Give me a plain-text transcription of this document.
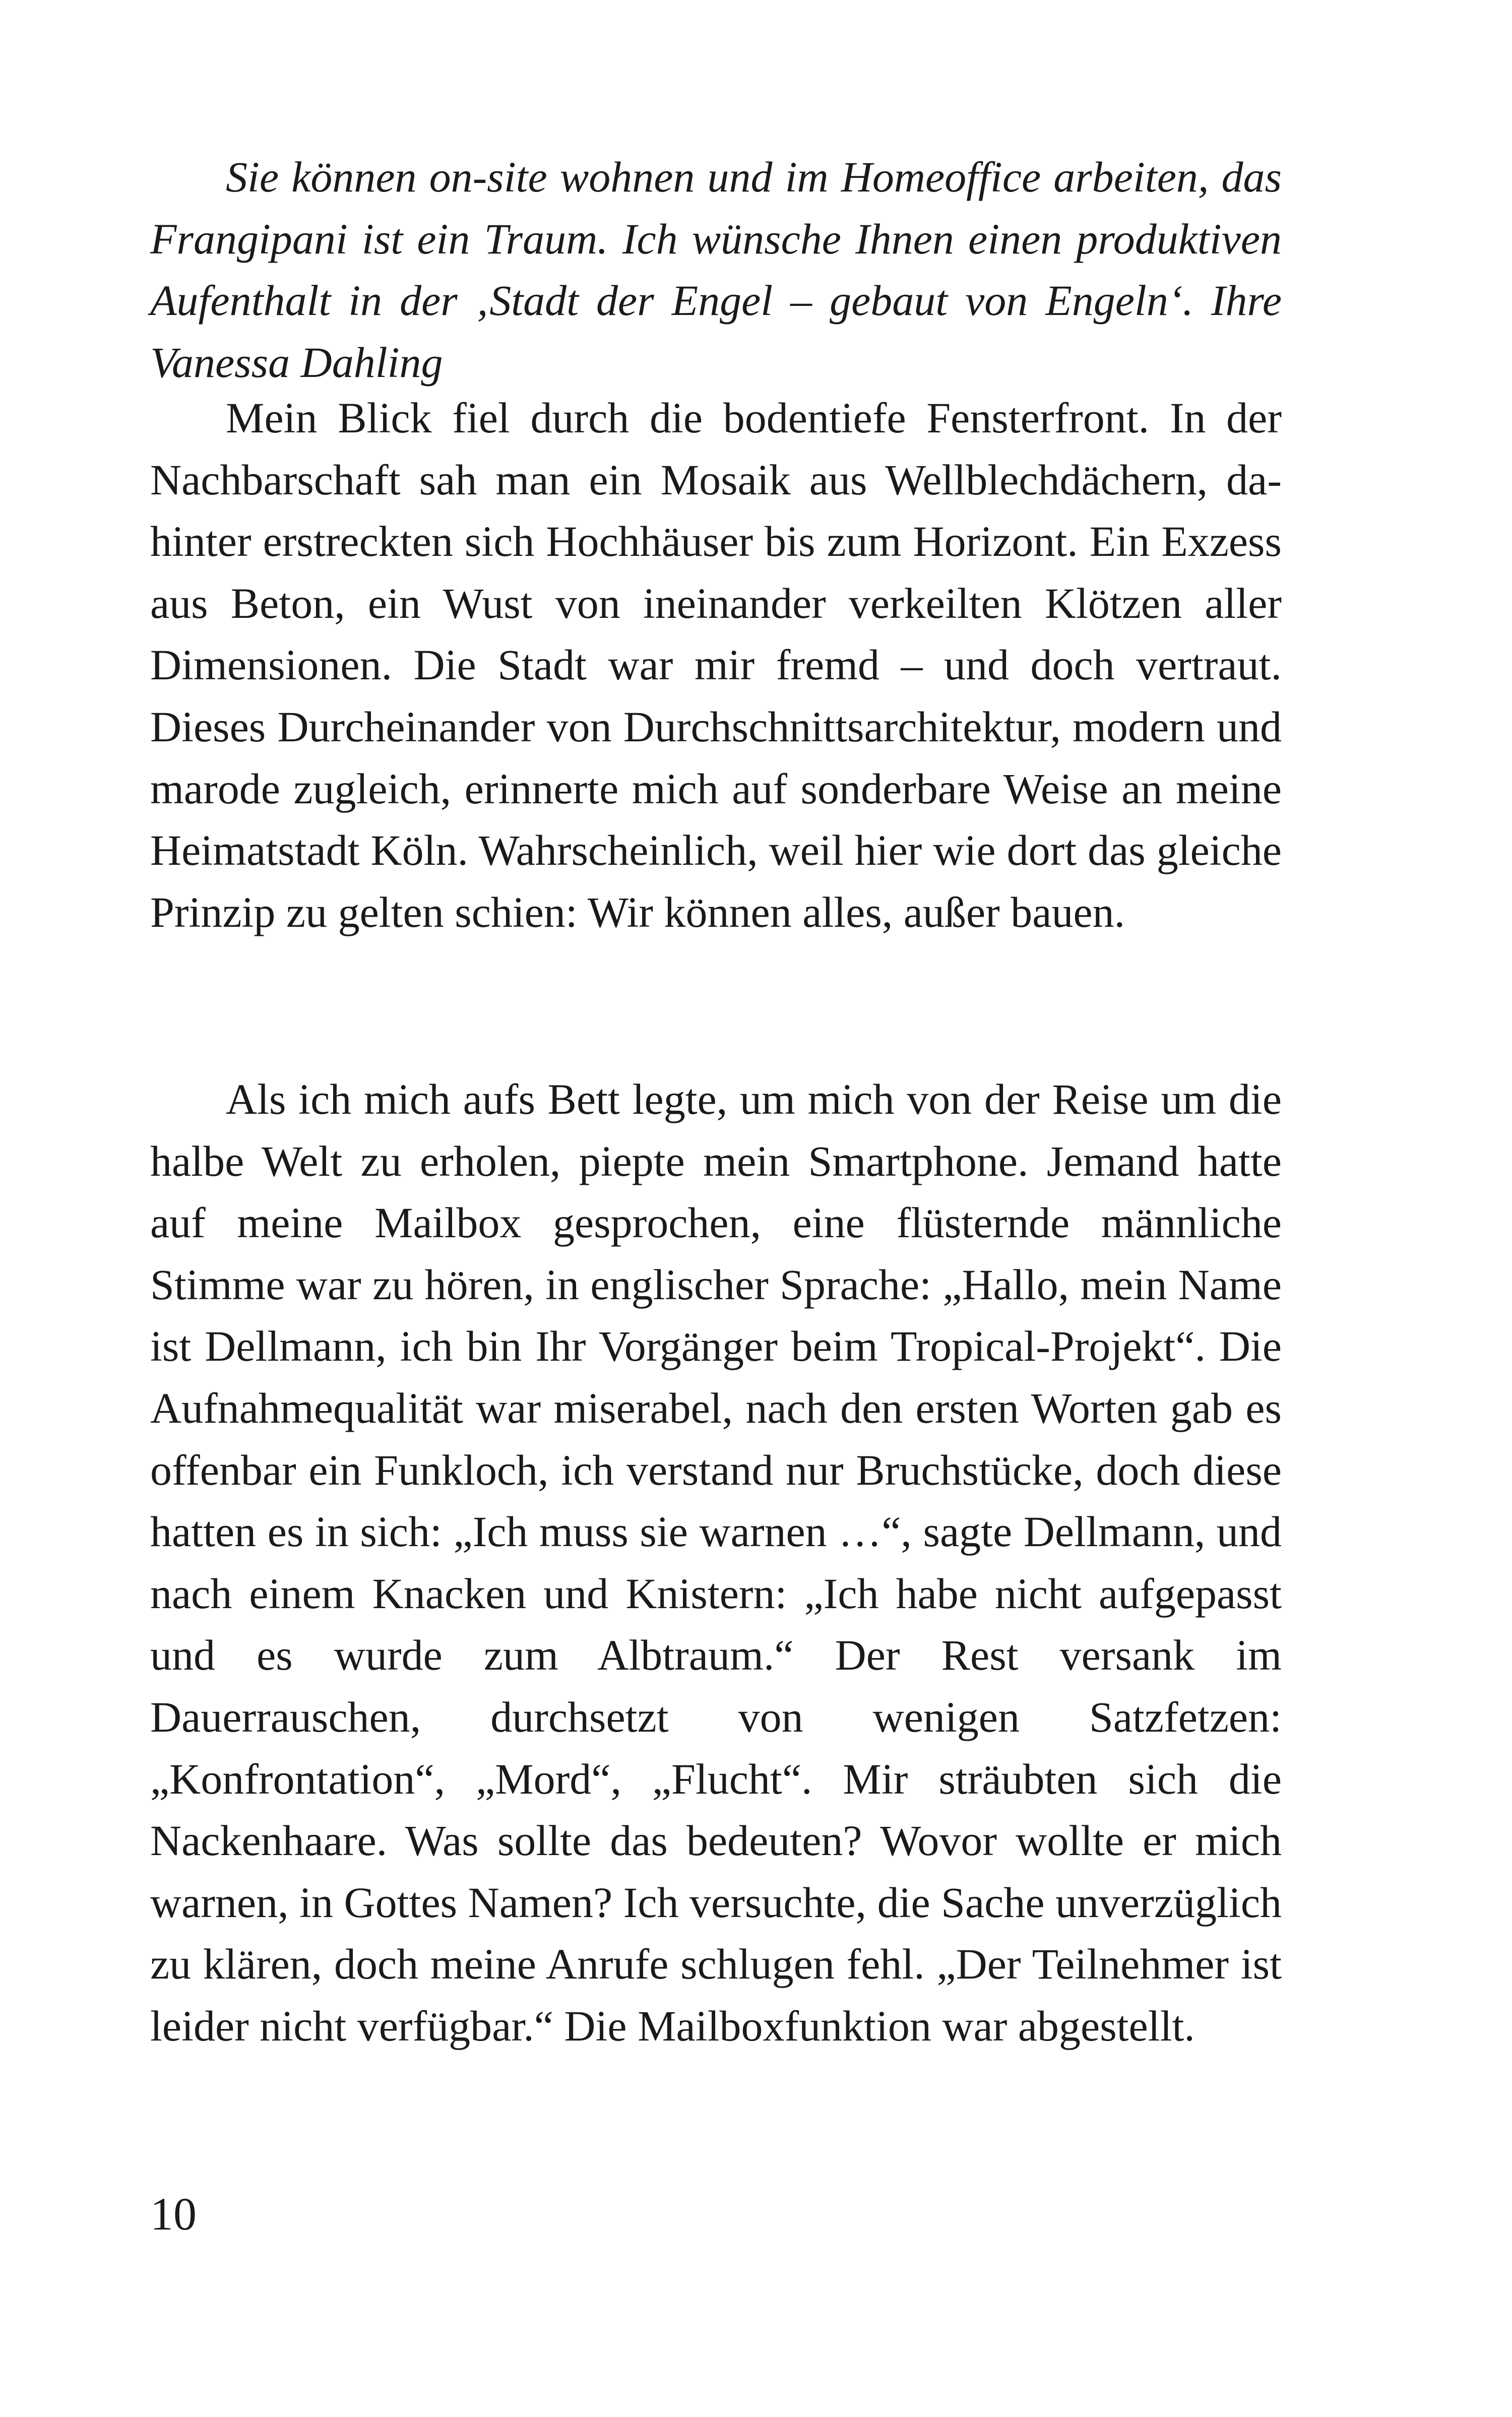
Sie können on-site wohnen und im Homeoffice arbeiten, das Frangipani ist ein Traum. Ich wünsche Ihnen einen produktiven Aufenthalt in der ‚Stadt der Engel – gebaut von Engeln‘. Ihre Vanessa Dahling

Mein Blick fiel durch die bodentiefe Fensterfront. In der Nachbarschaft sah man ein Mosaik aus Wellblechdächern, dahinter erstreckten sich Hochhäuser bis zum Horizont. Ein Exzess aus Beton, ein Wust von ineinander verkeilten Klötzen aller Dimensionen. Die Stadt war mir fremd – und doch vertraut. Dieses Durcheinander von Durchschnittsarchitektur, modern und marode zugleich, erinnerte mich auf sonderbare Weise an meine Heimatstadt Köln. Wahrscheinlich, weil hier wie dort das gleiche Prinzip zu gelten schien: Wir können alles, außer bauen.

Als ich mich aufs Bett legte, um mich von der Reise um die halbe Welt zu erholen, piepte mein Smartphone. Jemand hatte auf meine Mailbox gesprochen, eine flüsternde männliche Stimme war zu hören, in englischer Sprache: „Hallo, mein Name ist Dellmann, ich bin Ihr Vorgänger beim Tropical-Projekt“. Die Aufnahmequalität war miserabel, nach den ersten Worten gab es offenbar ein Funkloch, ich verstand nur Bruchstücke, doch diese hatten es in sich: „Ich muss sie warnen …“, sagte Dellmann, und nach einem Knacken und Knistern: „Ich habe nicht aufgepasst und es wurde zum Albtraum.“ Der Rest versank im Dauerrauschen, durchsetzt von wenigen Satzfetzen: „Konfrontation“, „Mord“, „Flucht“. Mir sträubten sich die Nackenhaare. Was sollte das bedeuten? Wovor wollte er mich warnen, in Gottes Namen? Ich versuchte, die Sache unverzüglich zu klären, doch meine Anrufe schlugen fehl. „Der Teilnehmer ist leider nicht verfügbar.“ Die Mailboxfunktion war abgestellt.

10
